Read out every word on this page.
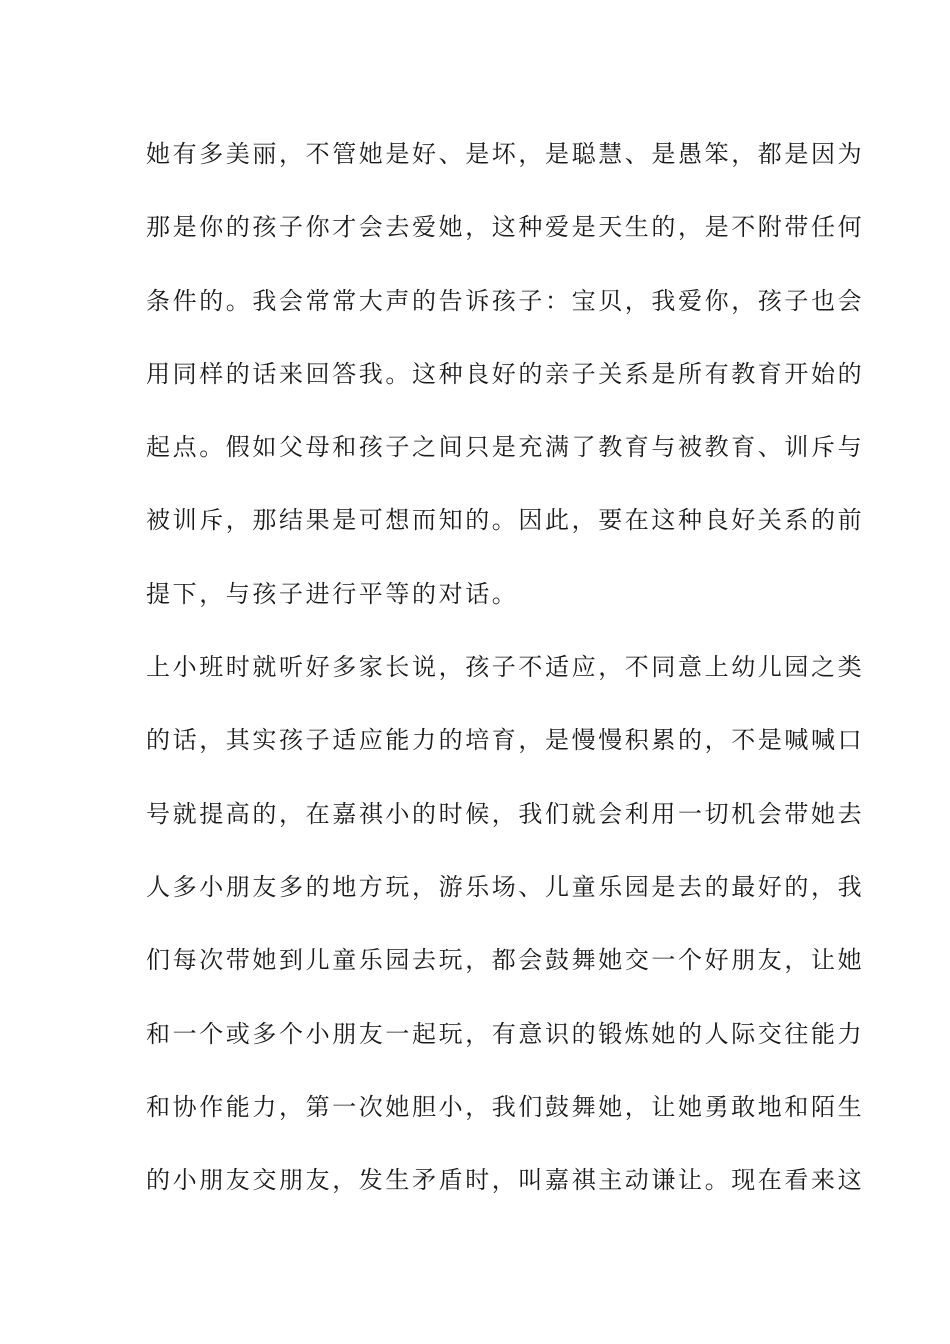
她有多美丽，不管她是好、是坏，是聪慧、是愚笨，都是因为
那是你的孩子你才会去爱她，这种爱是天生的，是不附带任何
条件的。我会常常大声的告诉孩子：宝贝，我爱你，孩子也会
用同样的话来回答我。这种良好的亲子关系是所有教育开始的
起点。假如父母和孩子之间只是充满了教育与被教育、训斥与
被训斥，那结果是可想而知的。因此，要在这种良好关系的前
提下，与孩子进行平等的对话。
上小班时就听好多家长说，孩子不适应，不同意上幼儿园之类
的话，其实孩子适应能力的培育，是慢慢积累的，不是喊喊口
号就提高的，在嘉祺小的时候，我们就会利用一切机会带她去
人多小朋友多的地方玩，游乐场、儿童乐园是去的最好的，我
们每次带她到儿童乐园去玩，都会鼓舞她交一个好朋友，让她
和一个或多个小朋友一起玩，有意识的锻炼她的人际交往能力
和协作能力，第一次她胆小，我们鼓舞她，让她勇敢地和陌生
的小朋友交朋友，发生矛盾时，叫嘉祺主动谦让。现在看来这
